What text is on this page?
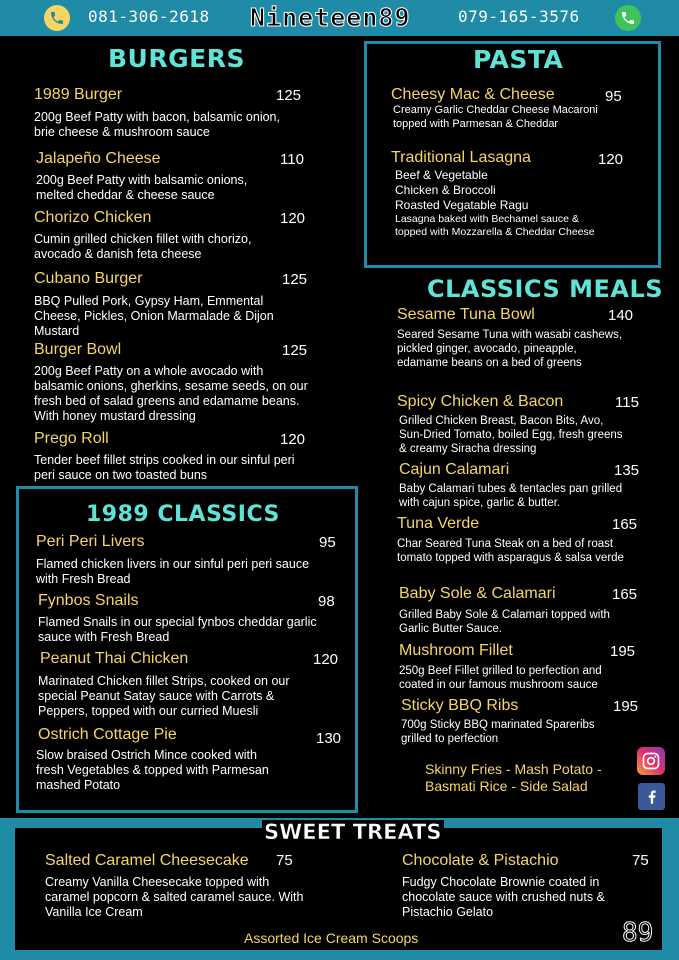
081-306-2618 Nineteen89	079-165-3576
BURGERS
1989 Burger	125
200g Beef Patty with bacon, balsamic onion, brie cheese & mushroom sauce
Jalapeño Cheese	110
200g Beef Patty with balsamic onions, melted cheddar & cheese sauce
Chorizo Chicken	120
Cumin grilled chicken fillet with chorizo, avocado & danish feta cheese
Cubano Burger	125
BBQ Pulled Pork, Gypsy Ham, Emmental Cheese, Pickles, Onion Marmalade & Dijon Mustard
Burger Bowl	125
200g Beef Patty on a whole avocado with balsamic onions, gherkins, sesame seeds, on our fresh bed of salad greens and edamame beans. With honey mustard dressing
Prego Roll	120
Tender beef fillet strips cooked in our sinful peri peri sauce on two toasted buns
PASTA
Cheesy Mac & Cheese	95
Creamy Garlic Cheddar Cheese Macaroni topped with Parmesan & Cheddar
Traditional Lasagna	120
Beef & Vegetable
Chicken & Broccoli
Roasted Vegatable Ragu
Lasagna baked with Bechamel sauce & topped with Mozzarella & Cheddar Cheese
CLASSICS MEALS
Sesame Tuna Bowl	140
Seared Sesame Tuna with wasabi cashews, pickled ginger, avocado, pineapple, edamame beans on a bed of greens
Spicy Chicken & Bacon	115
Grilled Chicken Breast, Bacon Bits, Avo, Sun-Dried Tomato, boiled Egg, fresh greens & creamy Siracha dressing
Cajun Calamari	135
Baby Calamari tubes & tentacles pan grilled with cajun spice, garlic & butter.
Tuna Verde	165
Char Seared Tuna Steak on a bed of roast tomato topped with asparagus & salsa verde
Baby Sole & Calamari	165
Grilled Baby Sole & Calamari topped with Garlic Butter Sauce.
Mushroom Fillet	195
250g Beef Fillet grilled to perfection and coated in our famous mushroom sauce
Sticky BBQ Ribs	195
700g Sticky BBQ marinated Spareribs grilled to perfection
Skinny Fries - Mash Potato - Basmati Rice - Side Salad
1989 CLASSICS
Peri Peri Livers	95
Flamed chicken livers in our sinful peri peri sauce with Fresh Bread
Fynbos Snails	98
Flamed Snails in our special fynbos cheddar garlic sauce with Fresh Bread
Peanut Thai Chicken	120
Marinated Chicken fillet Strips, cooked on our special Peanut Satay sauce with Carrots & Peppers, topped with our curried Muesli
Ostrich Cottage Pie	130
Slow braised Ostrich Mince cooked with fresh Vegetables & topped with Parmesan mashed Potato
SWEET TREATS
Salted Caramel Cheesecake 75
Creamy Vanilla Cheesecake topped with caramel popcorn & salted caramel sauce. With Vanilla Ice Cream
Chocolate & Pistachio	75
Fudgy Chocolate Brownie coated in chocolate sauce with crushed nuts & Pistachio Gelato
Assorted Ice Cream Scoops	89
